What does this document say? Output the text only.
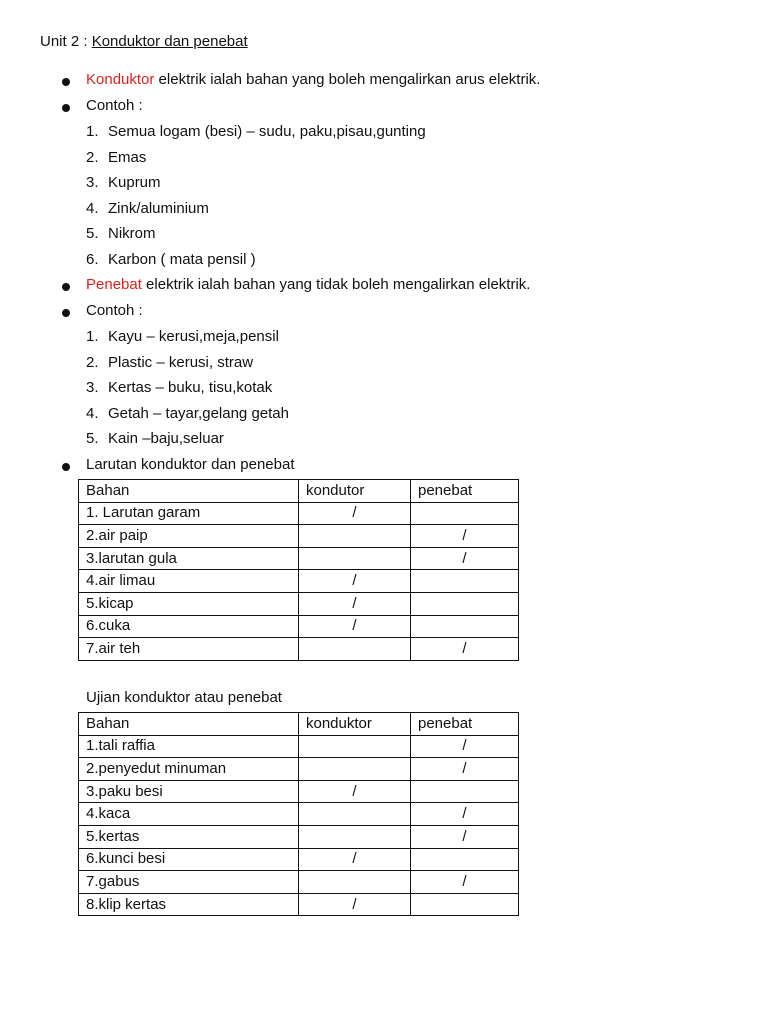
Unit 2 : Konduktor dan penebat
Konduktor elektrik ialah bahan yang boleh mengalirkan arus elektrik.
Contoh :
1. Semua logam (besi) – sudu, paku,pisau,gunting
2. Emas
3. Kuprum
4. Zink/aluminium
5. Nikrom
6. Karbon ( mata pensil )
Penebat elektrik ialah bahan yang tidak boleh mengalirkan elektrik.
Contoh :
1. Kayu – kerusi,meja,pensil
2. Plastic – kerusi, straw
3. Kertas – buku, tisu,kotak
4. Getah – tayar,gelang getah
5. Kain –baju,seluar
Larutan konduktor dan penebat
Bahan	kondutor	penebat
1. Larutan garam	/	
2.air paip		/
3.larutan gula		/
4.air limau	/	
5.kicap	/	
6.cuka	/	
7.air teh		/
Ujian konduktor atau penebat
Bahan	konduktor	penebat
1.tali raffia		/
2.penyedut minuman		/
3.paku besi	/	
4.kaca		/
5.kertas		/
6.kunci besi	/	
7.gabus		/
8.klip kertas	/	
